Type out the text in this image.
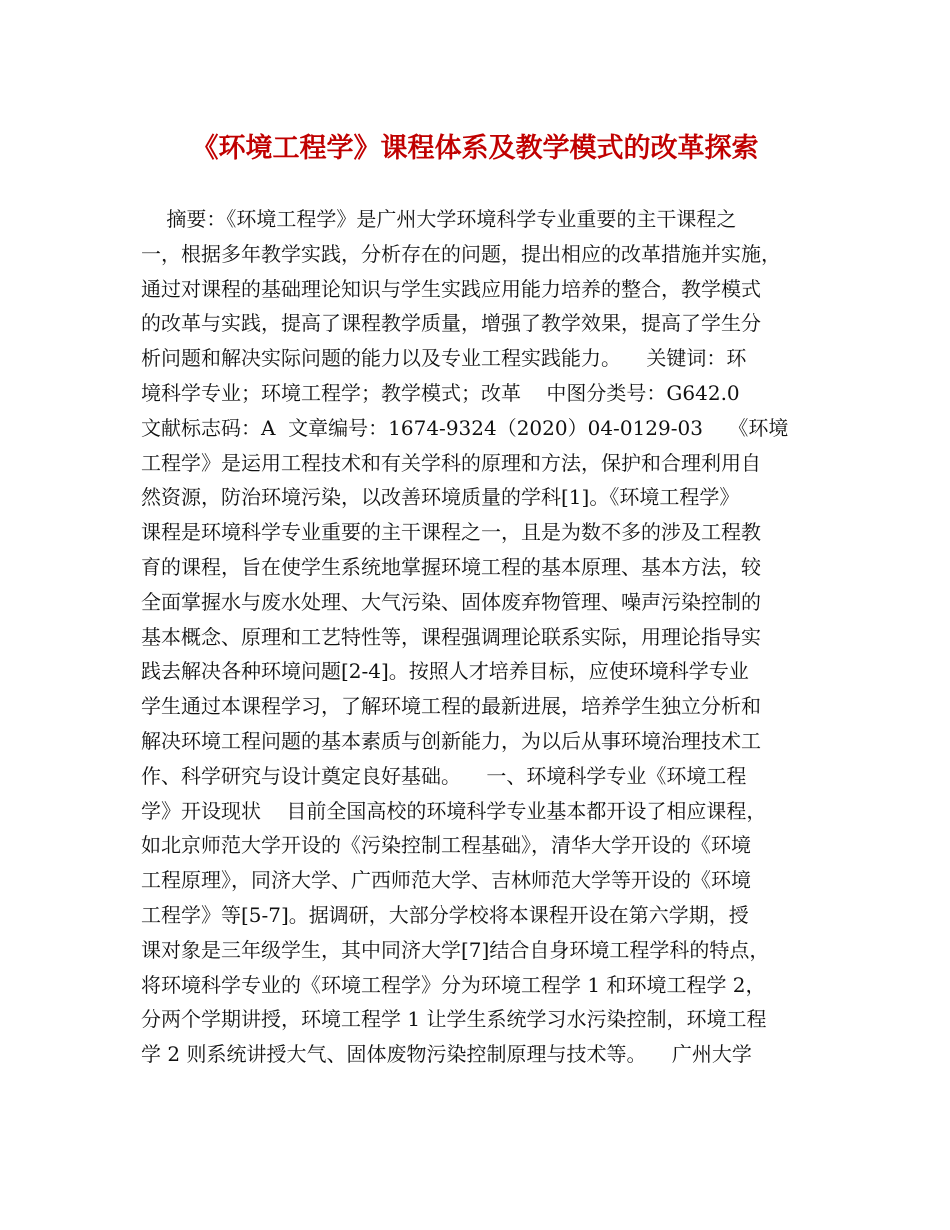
《环境工程学》课程体系及教学模式的改革探索
摘要：《环境工程学》是广州大学环境科学专业重要的主干课程之
一，根据多年教学实践，分析存在的问题，提出相应的改革措施并实施，
通过对课程的基础理论知识与学生实践应用能力培养的整合，教学模式
的改革与实践，提高了课程教学质量，增强了教学效果，提高了学生分
析问题和解决实际问题的能力以及专业工程实践能力。    关键词：环
境科学专业；环境工程学；教学模式；改革    中图分类号：G642.0
文献标志码：A  文章编号：1674-9324（2020）04-0129-03    《环境
工程学》是运用工程技术和有关学科的原理和方法，保护和合理利用自
然资源，防治环境污染，以改善环境质量的学科[1]。《环境工程学》
课程是环境科学专业重要的主干课程之一，且是为数不多的涉及工程教
育的课程，旨在使学生系统地掌握环境工程的基本原理、基本方法，较
全面掌握水与废水处理、大气污染、固体废弃物管理、噪声污染控制的
基本概念、原理和工艺特性等，课程强调理论联系实际，用理论指导实
践去解决各种环境问题[2-4]。按照人才培养目标，应使环境科学专业
学生通过本课程学习，了解环境工程的最新进展，培养学生独立分析和
解决环境工程问题的基本素质与创新能力，为以后从事环境治理技术工
作、科学研究与设计奠定良好基础。    一、环境科学专业《环境工程
学》开设现状    目前全国高校的环境科学专业基本都开设了相应课程，
如北京师范大学开设的《污染控制工程基础》，清华大学开设的《环境
工程原理》，同济大学、广西师范大学、吉林师范大学等开设的《环境
工程学》等[5-7]。据调研，大部分学校将本课程开设在第六学期，授
课对象是三年级学生，其中同济大学[7]结合自身环境工程学科的特点，
将环境科学专业的《环境工程学》分为环境工程学 1 和环境工程学 2，
分两个学期讲授，环境工程学 1 让学生系统学习水污染控制，环境工程
学 2 则系统讲授大气、固体废物污染控制原理与技术等。    广州大学
